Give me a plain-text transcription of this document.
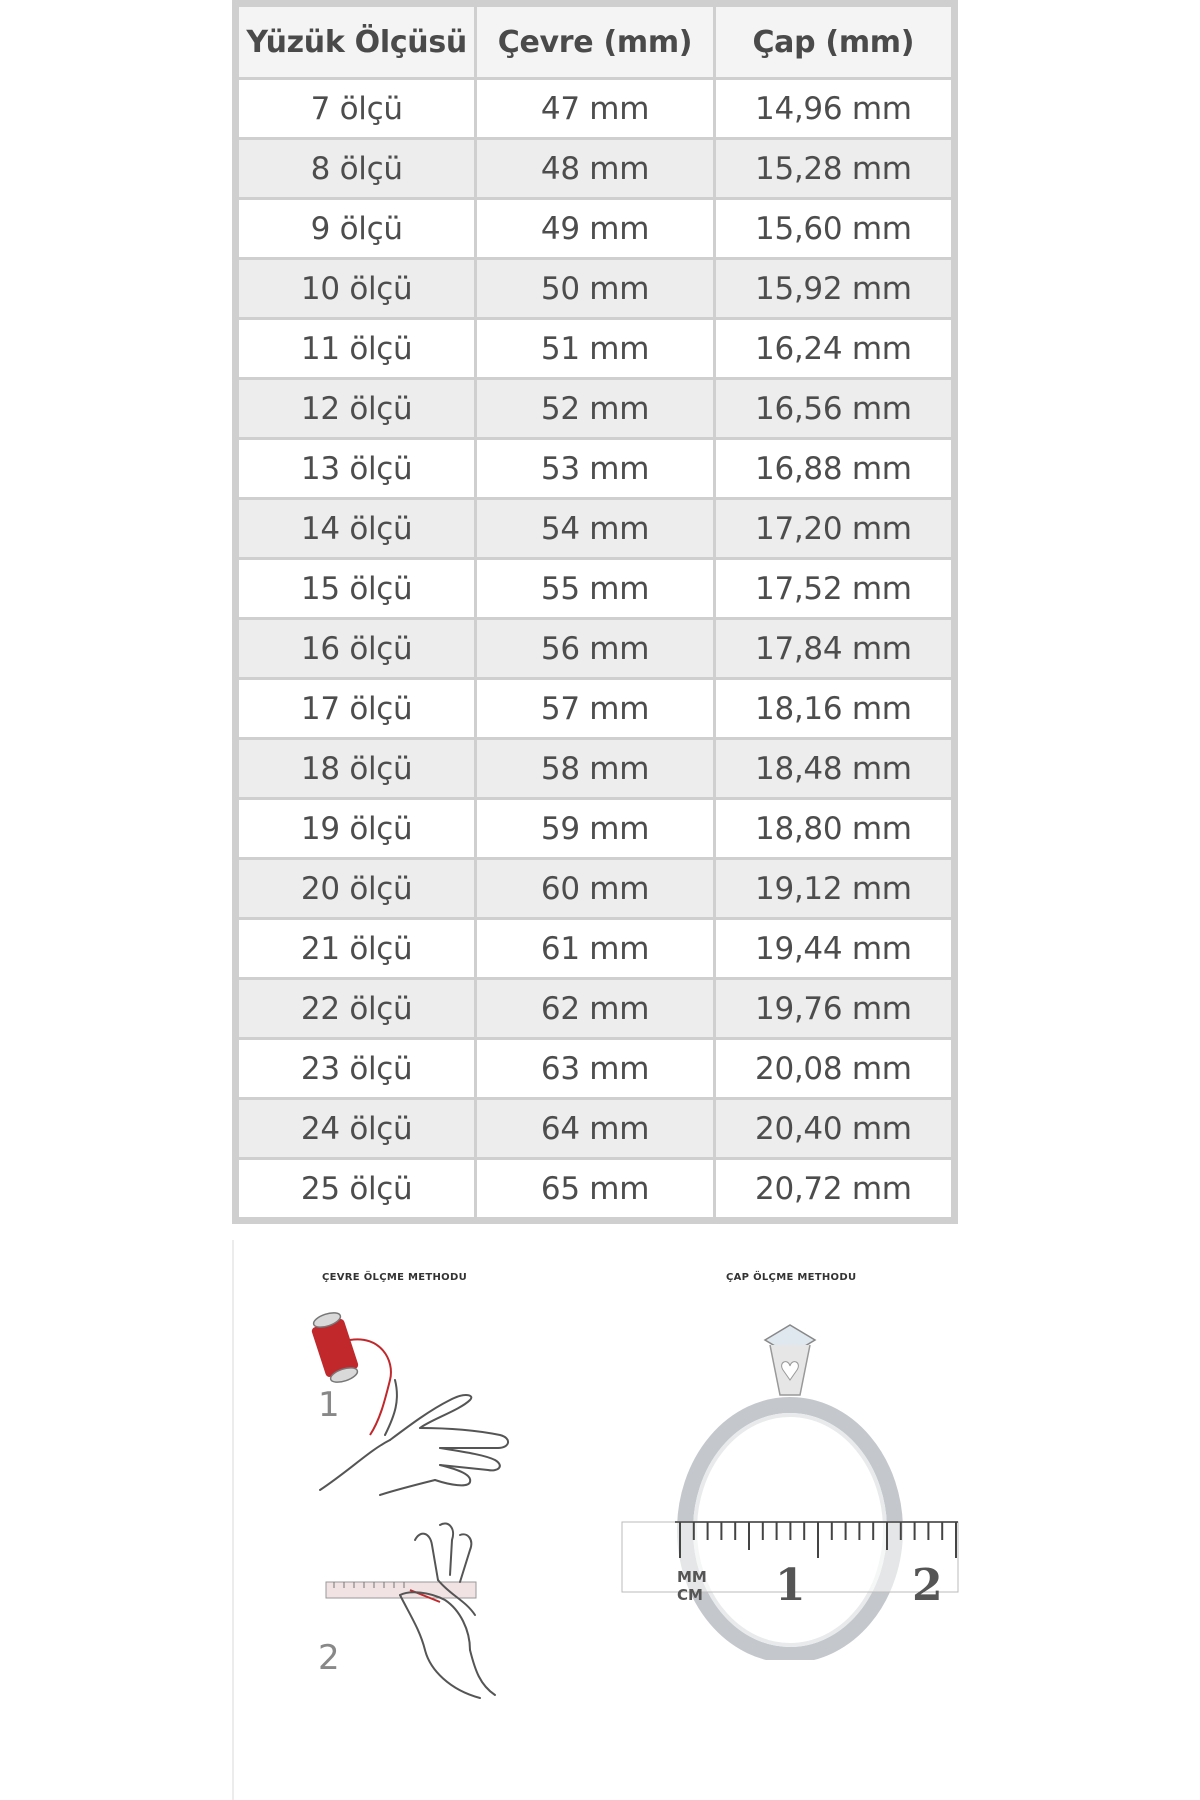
Yüzük Ölçüsü	Çevre (mm)	Çap (mm)
7 ölçü	47 mm	14,96 mm
8 ölçü	48 mm	15,28 mm
9 ölçü	49 mm	15,60 mm
10 ölçü	50 mm	15,92 mm
11 ölçü	51 mm	16,24 mm
12 ölçü	52 mm	16,56 mm
13 ölçü	53 mm	16,88 mm
14 ölçü	54 mm	17,20 mm
15 ölçü	55 mm	17,52 mm
16 ölçü	56 mm	17,84 mm
17 ölçü	57 mm	18,16 mm
18 ölçü	58 mm	18,48 mm
19 ölçü	59 mm	18,80 mm
20 ölçü	60 mm	19,12 mm
21 ölçü	61 mm	19,44 mm
22 ölçü	62 mm	19,76 mm
23 ölçü	63 mm	20,08 mm
24 ölçü	64 mm	20,40 mm
25 ölçü	65 mm	20,72 mm
ÇEVRE ÖLÇME METHODU	ÇAP ÖLÇME METHODU
1
2
MM
CM 1 2
